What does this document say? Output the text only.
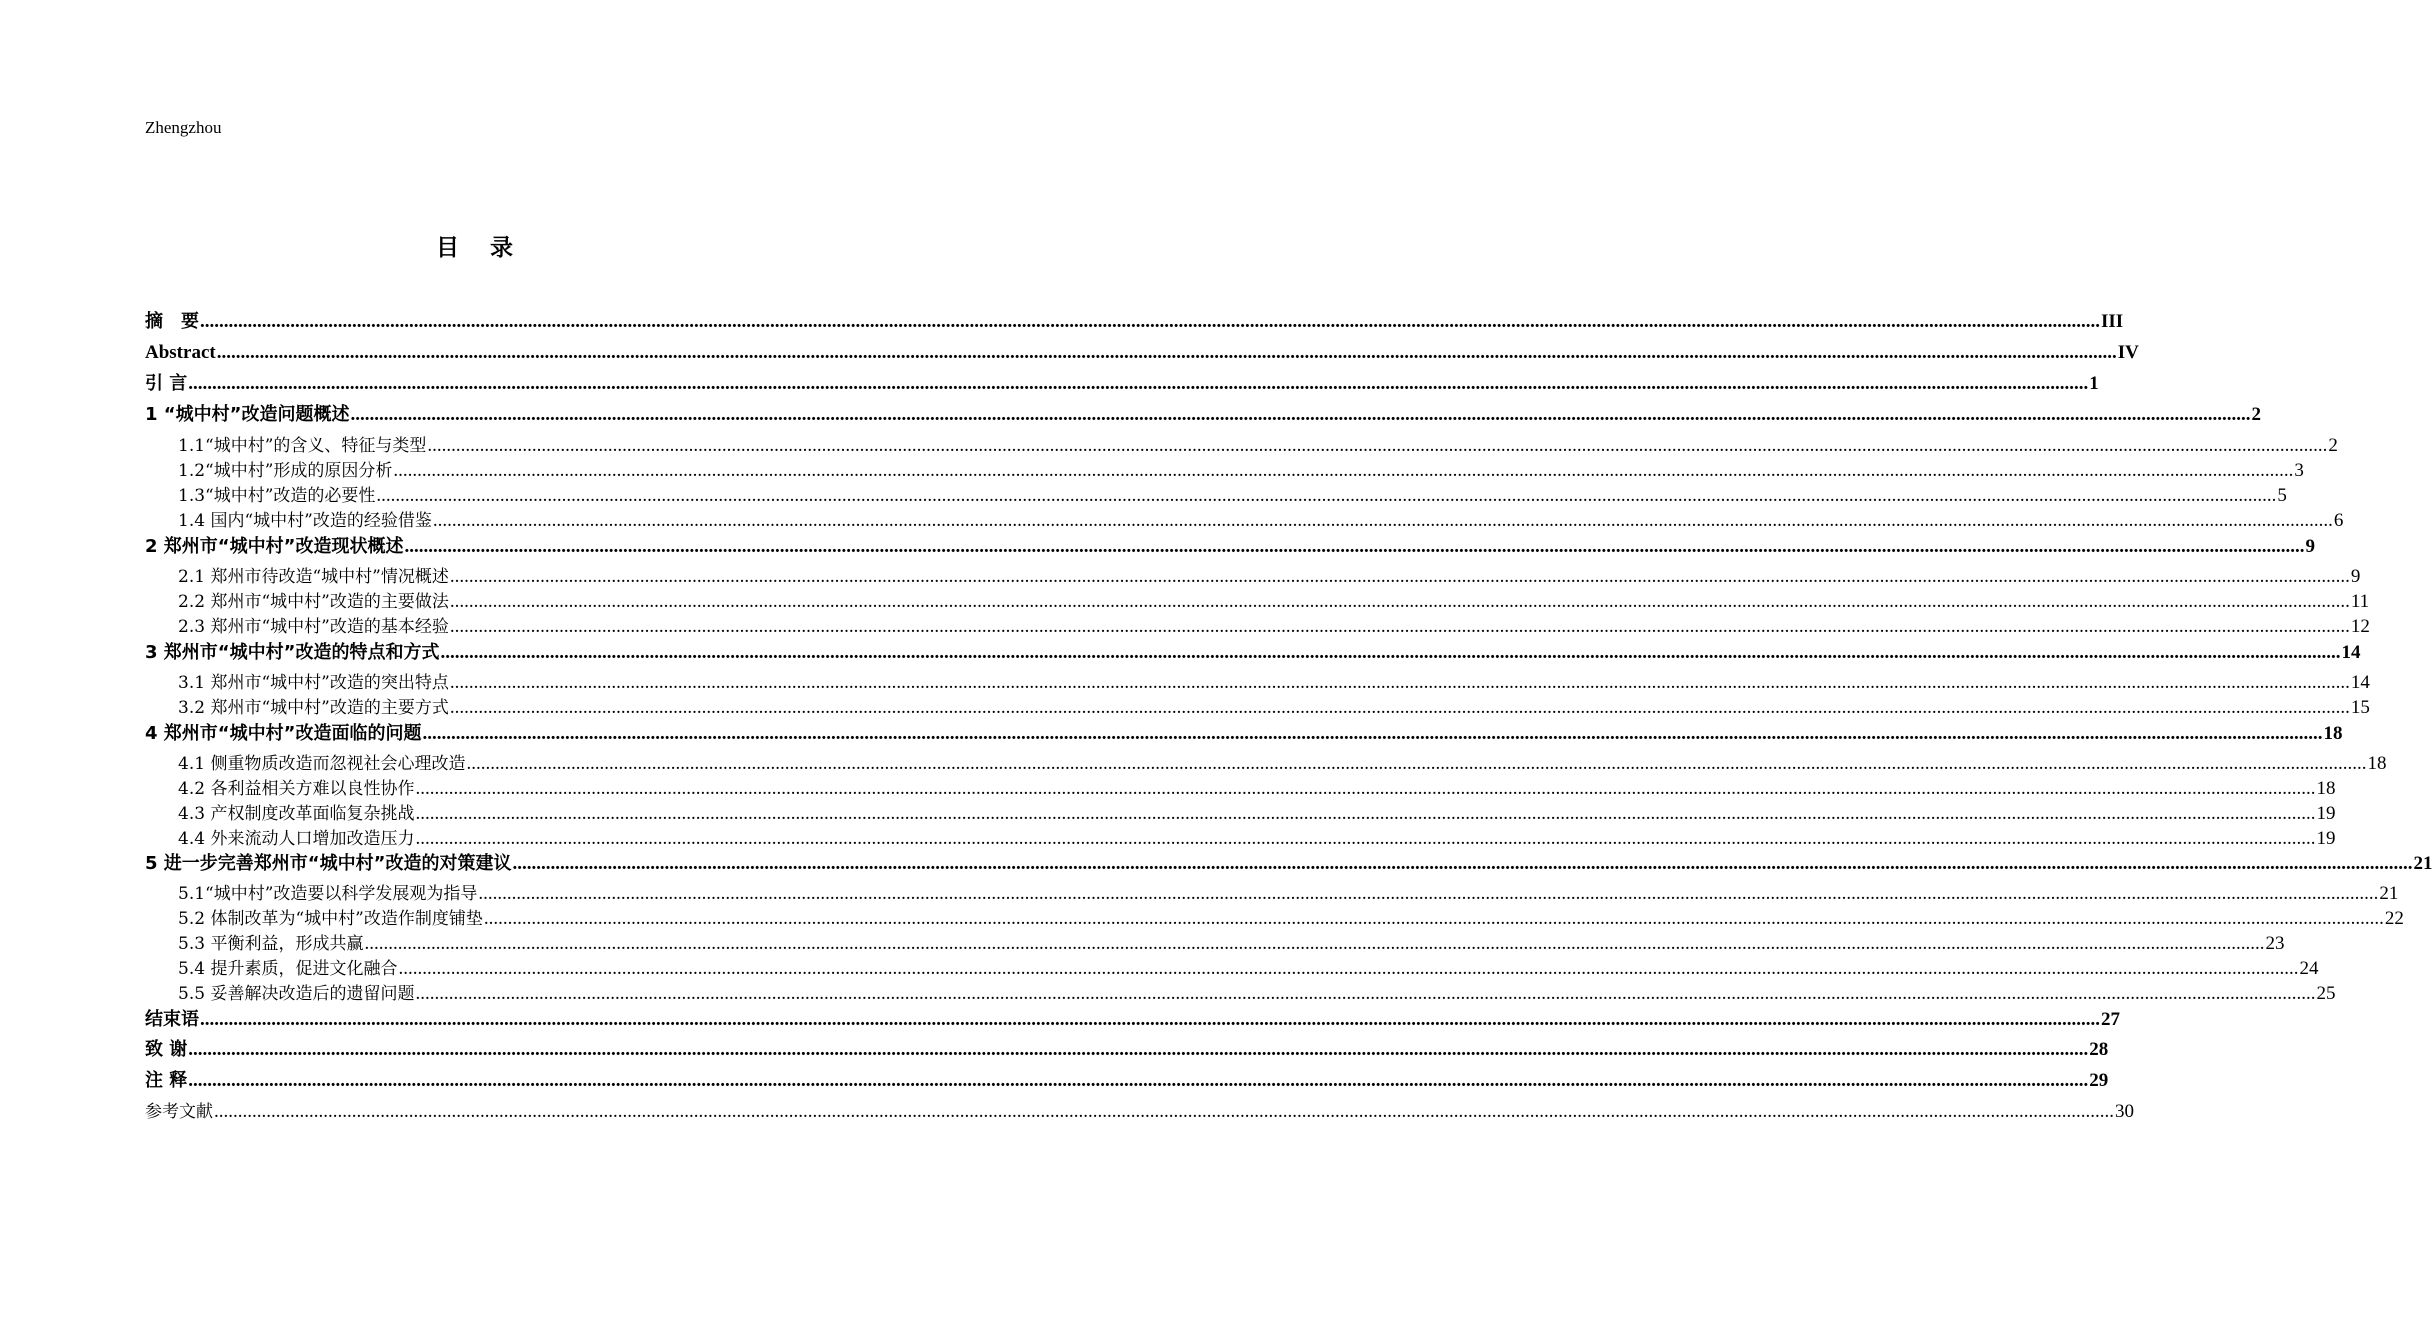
Zhengzhou
目 录
摘　要 ................................................................................................................................................................................................................................................................................................................................................................................................................ III
Abstract ................................................................................................................................................................................................................................................................................................................................................................................................................ IV
引 言 ................................................................................................................................................................................................................................................................................................................................................................................................................ 1
1 “城中村”改造问题概述 ................................................................................................................................................................................................................................................................................................................................................................................................................ 2
1.1“城中村”的含义、特征与类型 ................................................................................................................................................................................................................................................................................................................................................................................................................ 2
1.2“城中村”形成的原因分析 ................................................................................................................................................................................................................................................................................................................................................................................................................ 3
1.3“城中村”改造的必要性 ................................................................................................................................................................................................................................................................................................................................................................................................................ 5
1.4 国内“城中村”改造的经验借鉴 ................................................................................................................................................................................................................................................................................................................................................................................................................ 6
2 郑州市“城中村”改造现状概述 ................................................................................................................................................................................................................................................................................................................................................................................................................ 9
2.1 郑州市待改造“城中村”情况概述 ................................................................................................................................................................................................................................................................................................................................................................................................................ 9
2.2 郑州市“城中村”改造的主要做法 ................................................................................................................................................................................................................................................................................................................................................................................................................ 11
2.3 郑州市“城中村”改造的基本经验 ................................................................................................................................................................................................................................................................................................................................................................................................................ 12
3 郑州市“城中村”改造的特点和方式 ................................................................................................................................................................................................................................................................................................................................................................................................................ 14
3.1 郑州市“城中村”改造的突出特点 ................................................................................................................................................................................................................................................................................................................................................................................................................ 14
3.2 郑州市“城中村”改造的主要方式 ................................................................................................................................................................................................................................................................................................................................................................................................................ 15
4 郑州市“城中村”改造面临的问题 ................................................................................................................................................................................................................................................................................................................................................................................................................ 18
4.1 侧重物质改造而忽视社会心理改造 ................................................................................................................................................................................................................................................................................................................................................................................................................ 18
4.2 各利益相关方难以良性协作 ................................................................................................................................................................................................................................................................................................................................................................................................................ 18
4.3 产权制度改革面临复杂挑战 ................................................................................................................................................................................................................................................................................................................................................................................................................ 19
4.4 外来流动人口增加改造压力 ................................................................................................................................................................................................................................................................................................................................................................................................................ 19
5 进一步完善郑州市“城中村”改造的对策建议 ................................................................................................................................................................................................................................................................................................................................................................................................................ 21
5.1“城中村”改造要以科学发展观为指导 ................................................................................................................................................................................................................................................................................................................................................................................................................ 21
5.2 体制改革为“城中村”改造作制度铺垫 ................................................................................................................................................................................................................................................................................................................................................................................................................ 22
5.3 平衡利益，形成共赢 ................................................................................................................................................................................................................................................................................................................................................................................................................ 23
5.4 提升素质，促进文化融合 ................................................................................................................................................................................................................................................................................................................................................................................................................ 24
5.5 妥善解决改造后的遗留问题 ................................................................................................................................................................................................................................................................................................................................................................................................................ 25
结束语 ................................................................................................................................................................................................................................................................................................................................................................................................................ 27
致 谢 ................................................................................................................................................................................................................................................................................................................................................................................................................ 28
注 释 ................................................................................................................................................................................................................................................................................................................................................................................................................ 29
参考文献 ................................................................................................................................................................................................................................................................................................................................................................................................................ 30
